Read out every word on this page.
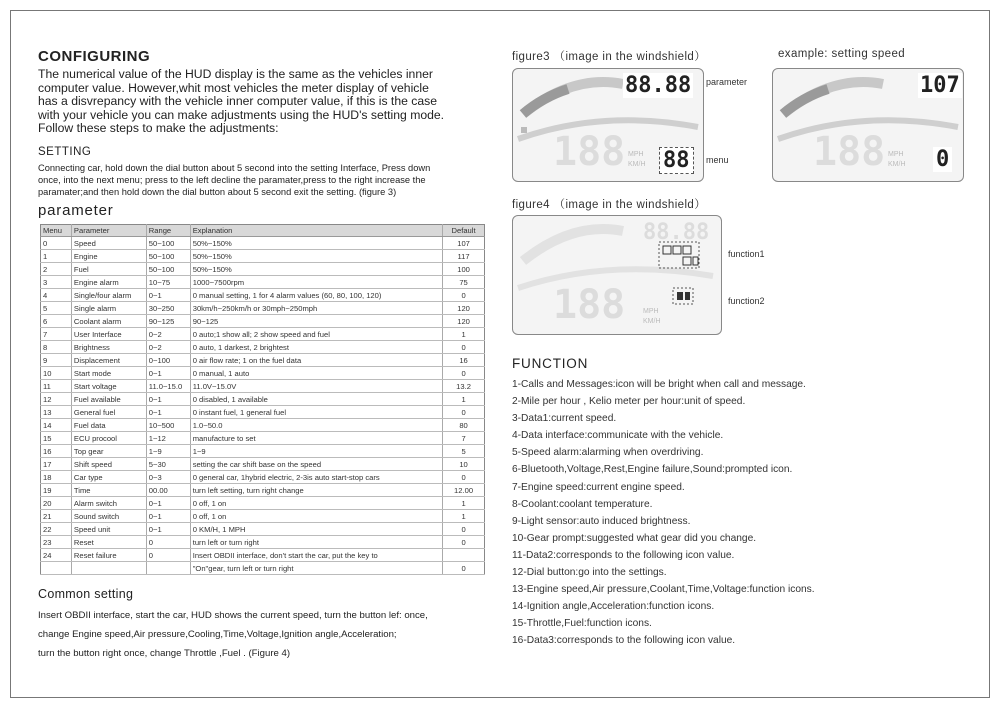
CONFIGURING
The numerical value of the HUD display is the same as the vehicles inner
computer value. However,whit most vehicles the meter display of vehicle
has a disvrepancy with the vehicle inner computer value, if this is the case
with your vehicle you can make adjustments using the HUD's setting mode.
Follow these steps to make the adjustments:
SETTING
Connecting car, hold down the dial button about 5 second into the setting Interface, Press down
once, into the next menu; press to the left decline the paramater,press to the right increase the
paramater;and then hold down the dial button about 5 second exit the setting. (figure 3)
parameter
Menu	Parameter	Range	Explanation	Default
0	Speed	50~100	50%~150%	107
1	Engine	50~100	50%~150%	117
2	Fuel	50~100	50%~150%	100
3	Engine alarm	10~75	1000~7500rpm	75
4	Single/four alarm	0~1	0 manual setting, 1 for 4 alarm values (60, 80, 100, 120)	0
5	Single alarm	30~250	30km/h~250km/h or 30mph~250mph	120
6	Coolant alarm	90~125	90~125	120
7	User Interface	0~2	0 auto;1 show all; 2 show speed and fuel	1
8	Brightness	0~2	0 auto, 1 darkest, 2 brightest	0
9	Displacement	0~100	0 air flow rate; 1 on the fuel data	16
10	Start mode	0~1	0 manual, 1 auto	0
11	Start voltage	11.0~15.0	11.0V~15.0V	13.2
12	Fuel available	0~1	0 disabled, 1 available	1
13	General fuel	0~1	0 instant fuel, 1 general fuel	0
14	Fuel data	10~500	1.0~50.0	80
15	ECU procool	1~12	manufacture to set	7
16	Top gear	1~9	1~9	5
17	Shift speed	5~30	setting the car shift base on the speed	10
18	Car type	0~3	0 general car, 1hybrid electric, 2-3is auto start-stop cars	0
19	Time	00.00	turn left setting, turn right change	12.00
20	Alarm switch	0~1	0 off, 1 on	1
21	Sound switch	0~1	0 off, 1 on	1
22	Speed unit	0~1	0 KM/H, 1 MPH	0
23	Reset	0	turn left or turn right	0
24	Reset failure	0	Insert OBDII interface, don't start the car, put the key to	
			"On"gear, turn left or turn right	0
Common setting
Insert OBDII interface, start the car, HUD shows the current speed, turn the button lef: once,
change Engine speed,Air pressure,Cooling,Time,Voltage,Ignition angle,Acceleration;
turn the button right once, change Throttle ,Fuel . (Figure 4)
figure3 （image in the windshield）
88.88
188 MPH
KM/H 88
parameter
menu
example: setting speed
107
188 MPH
KM/H 0
figure4 （image in the windshield）
88.88
188	MPH
KM/H
function1
function2
FUNCTION
1-Calls and Messages:icon will be bright when call and message.
2-Mile per hour , Kelio meter per hour:unit of speed.
3-Data1:current speed.
4-Data interface:communicate with the vehicle.
5-Speed alarm:alarming when overdriving.
6-Bluetooth,Voltage,Rest,Engine failure,Sound:prompted icon.
7-Engine speed:current engine speed.
8-Coolant:coolant temperature.
9-Light sensor:auto induced brightness.
10-Gear prompt:suggested what gear did you change.
11-Data2:corresponds to the following icon value.
12-Dial button:go into the settings.
13-Engine speed,Air pressure,Coolant,Time,Voltage:function icons.
14-Ignition angle,Acceleration:function icons.
15-Throttle,Fuel:function icons.
16-Data3:corresponds to the following icon value.
